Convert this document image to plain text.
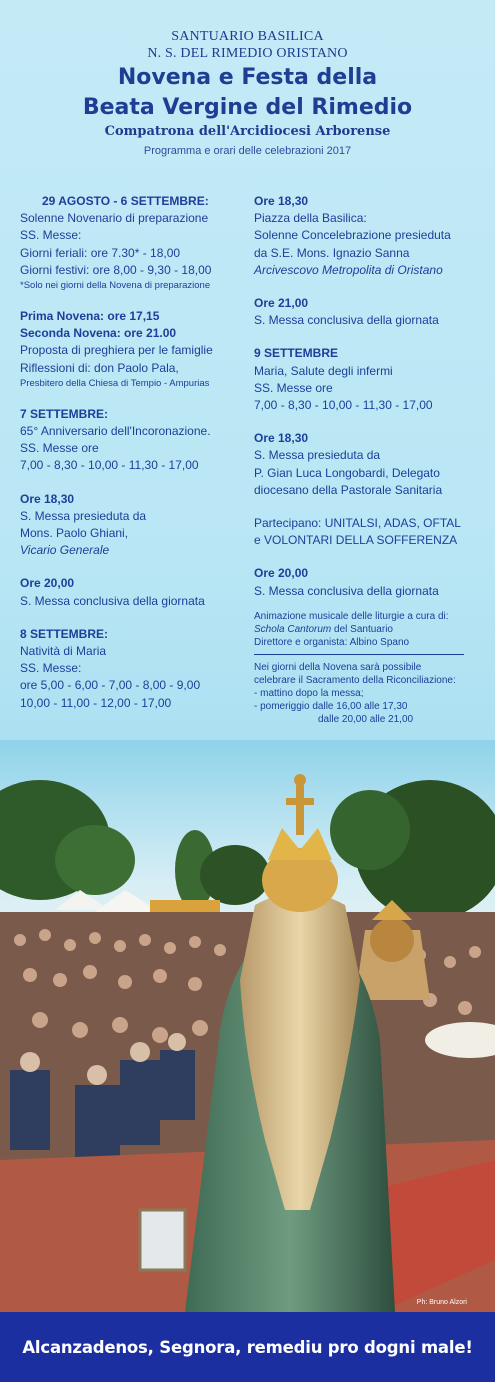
SANTUARIO BASILICA
N. S. DEL RIMEDIO ORISTANO
Novena e Festa della
Beata Vergine del Rimedio
Compatrona dell'Arcidiocesi Arborense
Programma e orari delle celebrazioni 2017
29 AGOSTO - 6 SETTEMBRE:
Solenne Novenario di preparazione
SS. Messe:
Giorni feriali: ore 7.30* - 18,00
Giorni festivi: ore 8,00 - 9,30 - 18,00
*Solo nei giorni della Novena di preparazione
Prima Novena: ore 17,15
Seconda Novena: ore 21.00
Proposta di preghiera per le famiglie
Riflessioni di: don Paolo Pala,
Presbitero della Chiesa di Tempio - Ampurias
7 SETTEMBRE:
65° Anniversario dell'Incoronazione.
SS. Messe ore
7,00 - 8,30 - 10,00 - 11,30 - 17,00
Ore 18,30
S. Messa presieduta da
Mons. Paolo Ghiani,
Vicario Generale
Ore 20,00
S. Messa conclusiva della giornata
8 SETTEMBRE:
Natività di Maria
SS. Messe:
ore 5,00 - 6,00 - 7,00 - 8,00 - 9,00
10,00 - 11,00 - 12,00 - 17,00
Ore 18,30
Piazza della Basilica:
Solenne Concelebrazione presieduta
da S.E. Mons. Ignazio Sanna
Arcivescovo Metropolita di Oristano
Ore 21,00
S. Messa conclusiva della giornata
9 SETTEMBRE
Maria, Salute degli infermi
SS. Messe ore
7,00 - 8,30 - 10,00 - 11,30 - 17,00
Ore 18,30
S. Messa presieduta da
P. Gian Luca Longobardi, Delegato
diocesano della Pastorale Sanitaria
Partecipano: UNITALSI, ADAS, OFTAL
e VOLONTARI DELLA SOFFERENZA
Ore 20,00
S. Messa conclusiva della giornata
Animazione musicale delle liturgie a cura di:
Schola Cantorum del Santuario
Direttore e organista: Albino Spano
Nei giorni della Novena sarà possibile
celebrare il Sacramento della Riconciliazione:
- mattino dopo la messa;
- pomeriggio dalle 16,00 alle 17,30
dalle 20,00 alle 21,00
Ph: Bruno Alzori
Alcanzadenos, Segnora, remediu pro dogni male!
